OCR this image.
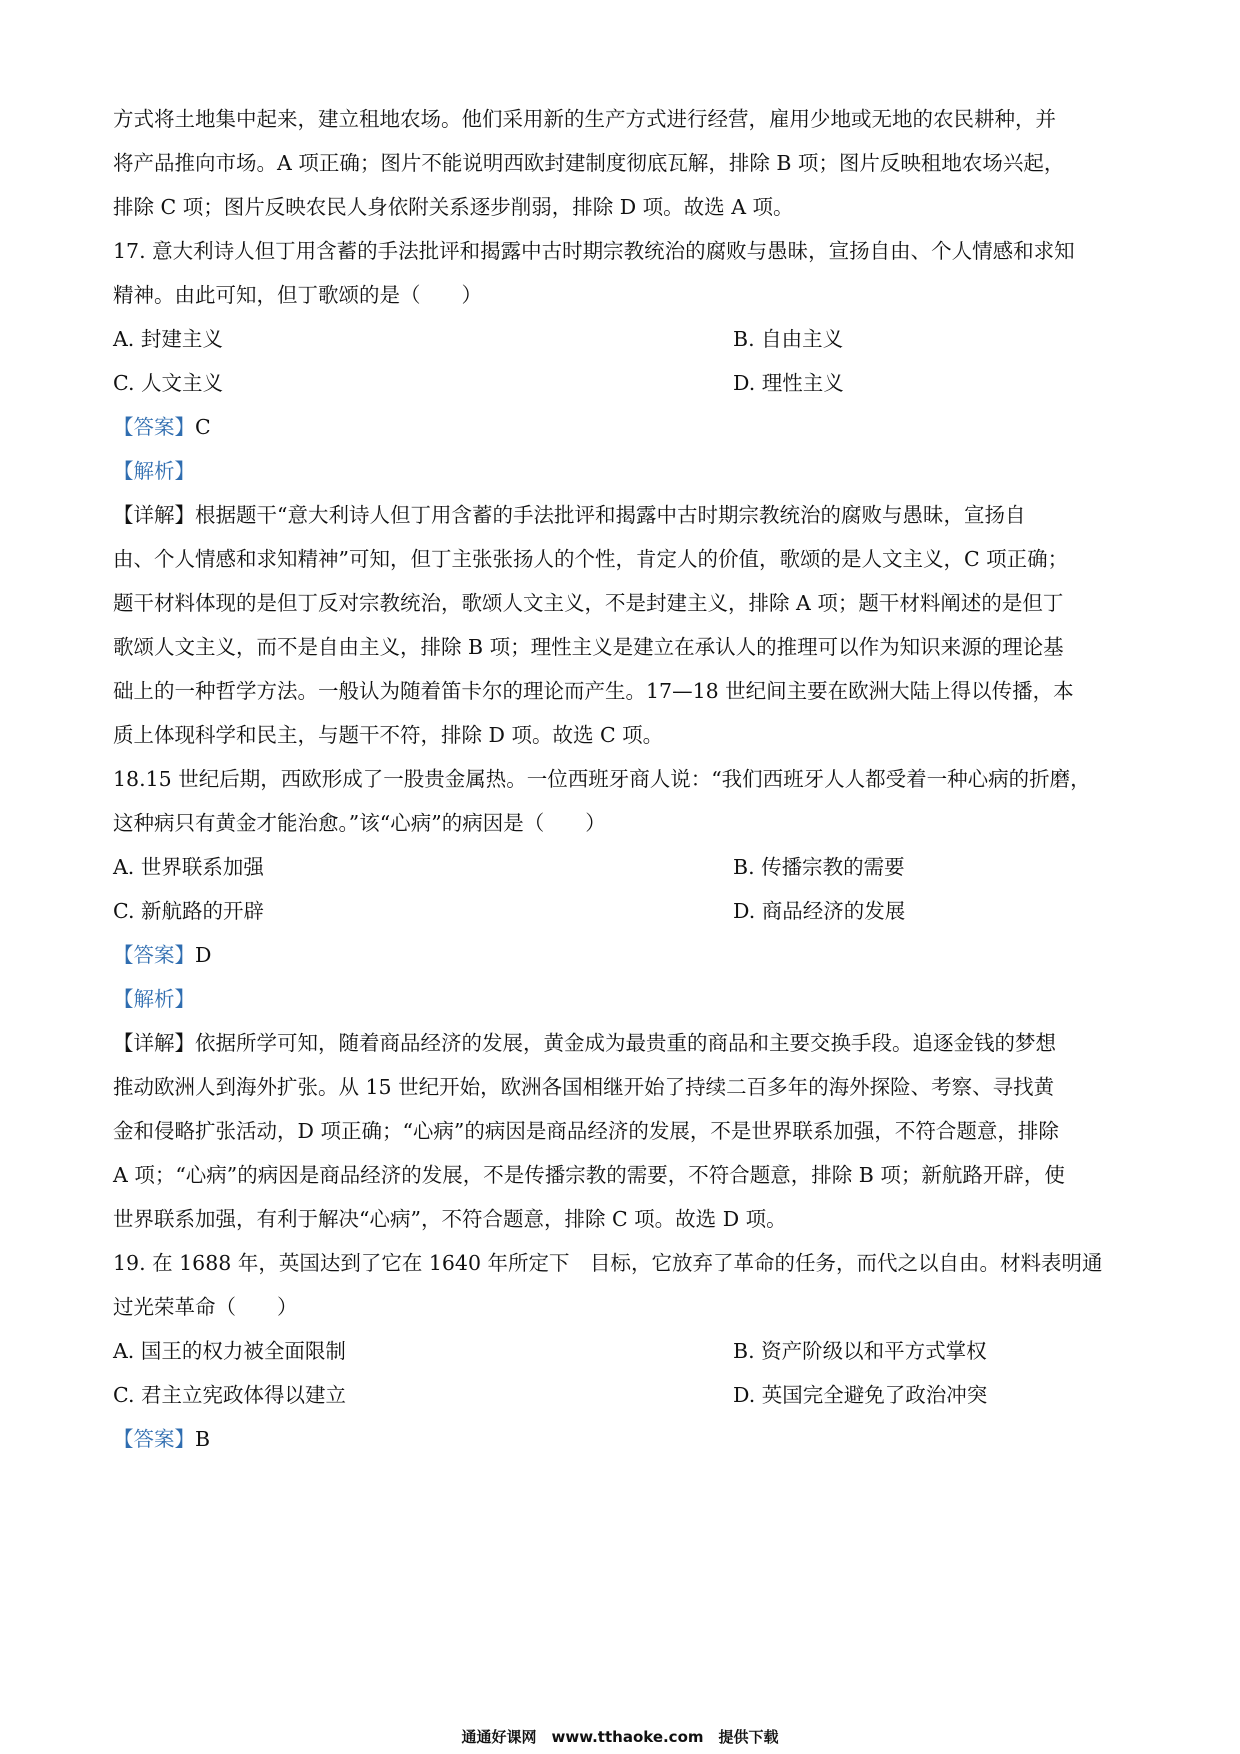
方式将土地集中起来，建立租地农场。他们采用新的生产方式进行经营，雇用少地或无地的农民耕种，并
将产品推向市场。A 项正确；图片不能说明西欧封建制度彻底瓦解，排除 B 项；图片反映租地农场兴起，
排除 C 项；图片反映农民人身依附关系逐步削弱，排除 D 项。故选 A 项。
17. 意大利诗人但丁用含蓄的手法批评和揭露中古时期宗教统治的腐败与愚昧，宣扬自由、个人情感和求知
精神。由此可知，但丁歌颂的是（　　）
A. 封建主义	B. 自由主义
C. 人文主义	D. 理性主义
【答案】C
【解析】
【详解】根据题干“意大利诗人但丁用含蓄的手法批评和揭露中古时期宗教统治的腐败与愚昧，宣扬自
由、个人情感和求知精神”可知，但丁主张张扬人的个性，肯定人的价值，歌颂的是人文主义，C 项正确；
题干材料体现的是但丁反对宗教统治，歌颂人文主义，不是封建主义，排除 A 项；题干材料阐述的是但丁
歌颂人文主义，而不是自由主义，排除 B 项；理性主义是建立在承认人的推理可以作为知识来源的理论基
础上的一种哲学方法。一般认为随着笛卡尔的理论而产生。17—18 世纪间主要在欧洲大陆上得以传播，本
质上体现科学和民主，与题干不符，排除 D 项。故选 C 项。
18.15 世纪后期，西欧形成了一股贵金属热。一位西班牙商人说：“我们西班牙人人都受着一种心病的折磨，
这种病只有黄金才能治愈。”该“心病”的病因是（　　）
A. 世界联系加强	B. 传播宗教的需要
C. 新航路的开辟	D. 商品经济的发展
【答案】D
【解析】
【详解】依据所学可知，随着商品经济的发展，黄金成为最贵重的商品和主要交换手段。追逐金钱的梦想
推动欧洲人到海外扩张。从 15 世纪开始，欧洲各国相继开始了持续二百多年的海外探险、考察、寻找黄
金和侵略扩张活动，D 项正确；“心病”的病因是商品经济的发展，不是世界联系加强，不符合题意，排除
A 项；“心病”的病因是商品经济的发展，不是传播宗教的需要，不符合题意，排除 B 项；新航路开辟，使
世界联系加强，有利于解决“心病”，不符合题意，排除 C 项。故选 D 项。
19. 在 1688 年，英国达到了它在 1640 年所定下　目标，它放弃了革命的任务，而代之以自由。材料表明通
过光荣革命（　　）
A. 国王的权力被全面限制	B. 资产阶级以和平方式掌权
C. 君主立宪政体得以建立	D. 英国完全避免了政治冲突
【答案】B
通通好课网　www.tthaoke.com　提供下载
